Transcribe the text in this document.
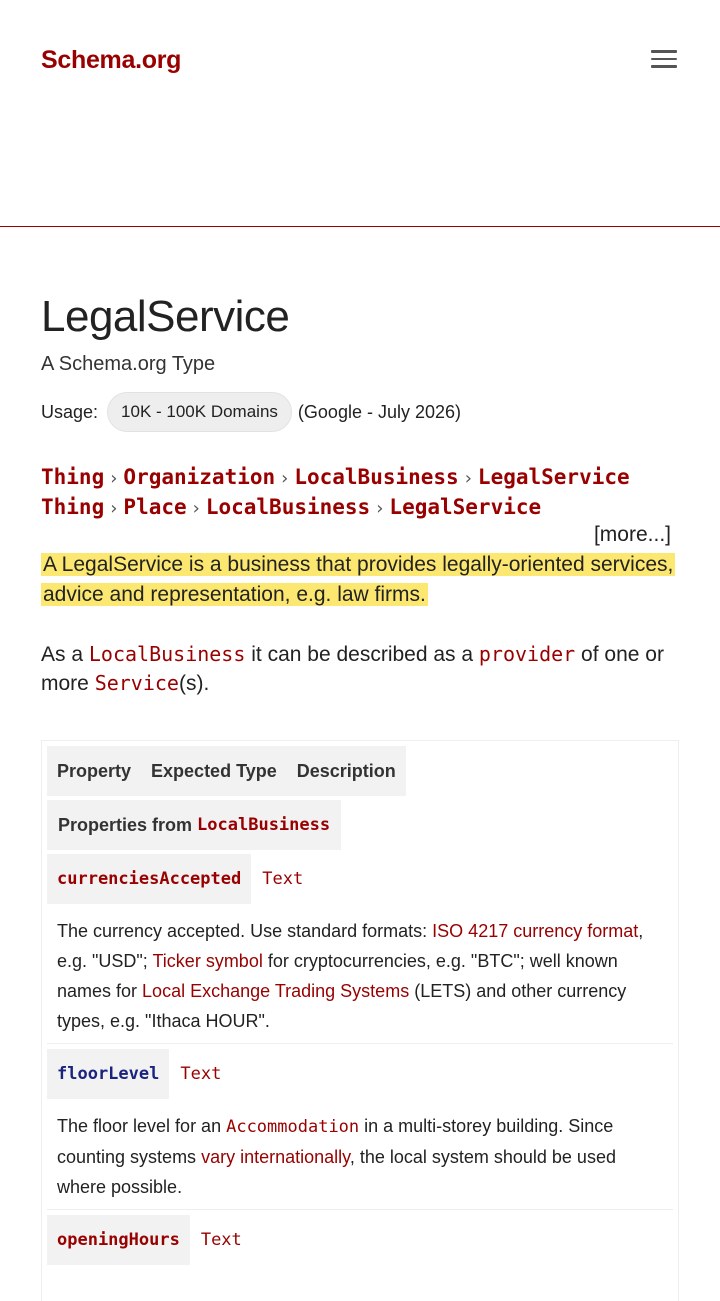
Schema.org
LegalService
A Schema.org Type
Usage:	10K - 100K Domains	(Google - July 2026)
Thing › Organization › LocalBusiness › LegalService
Thing › Place › LocalBusiness › LegalService
[more...]
A LegalService is a business that provides legally-oriented services, advice and representation, e.g. law firms.
As a LocalBusiness it can be described as a provider of one or more Service(s).
Property	Expected Type	Description
Properties from LocalBusiness
currenciesAccepted	Text
The currency accepted. Use standard formats: ISO 4217 currency format, e.g. "USD"; Ticker symbol for cryptocurrencies, e.g. "BTC"; well known names for Local Exchange Trading Systems (LETS) and other currency types, e.g. "Ithaca HOUR".
floorLevel	Text
The floor level for an Accommodation in a multi-storey building. Since counting systems vary internationally, the local system should be used where possible.
openingHours	Text
